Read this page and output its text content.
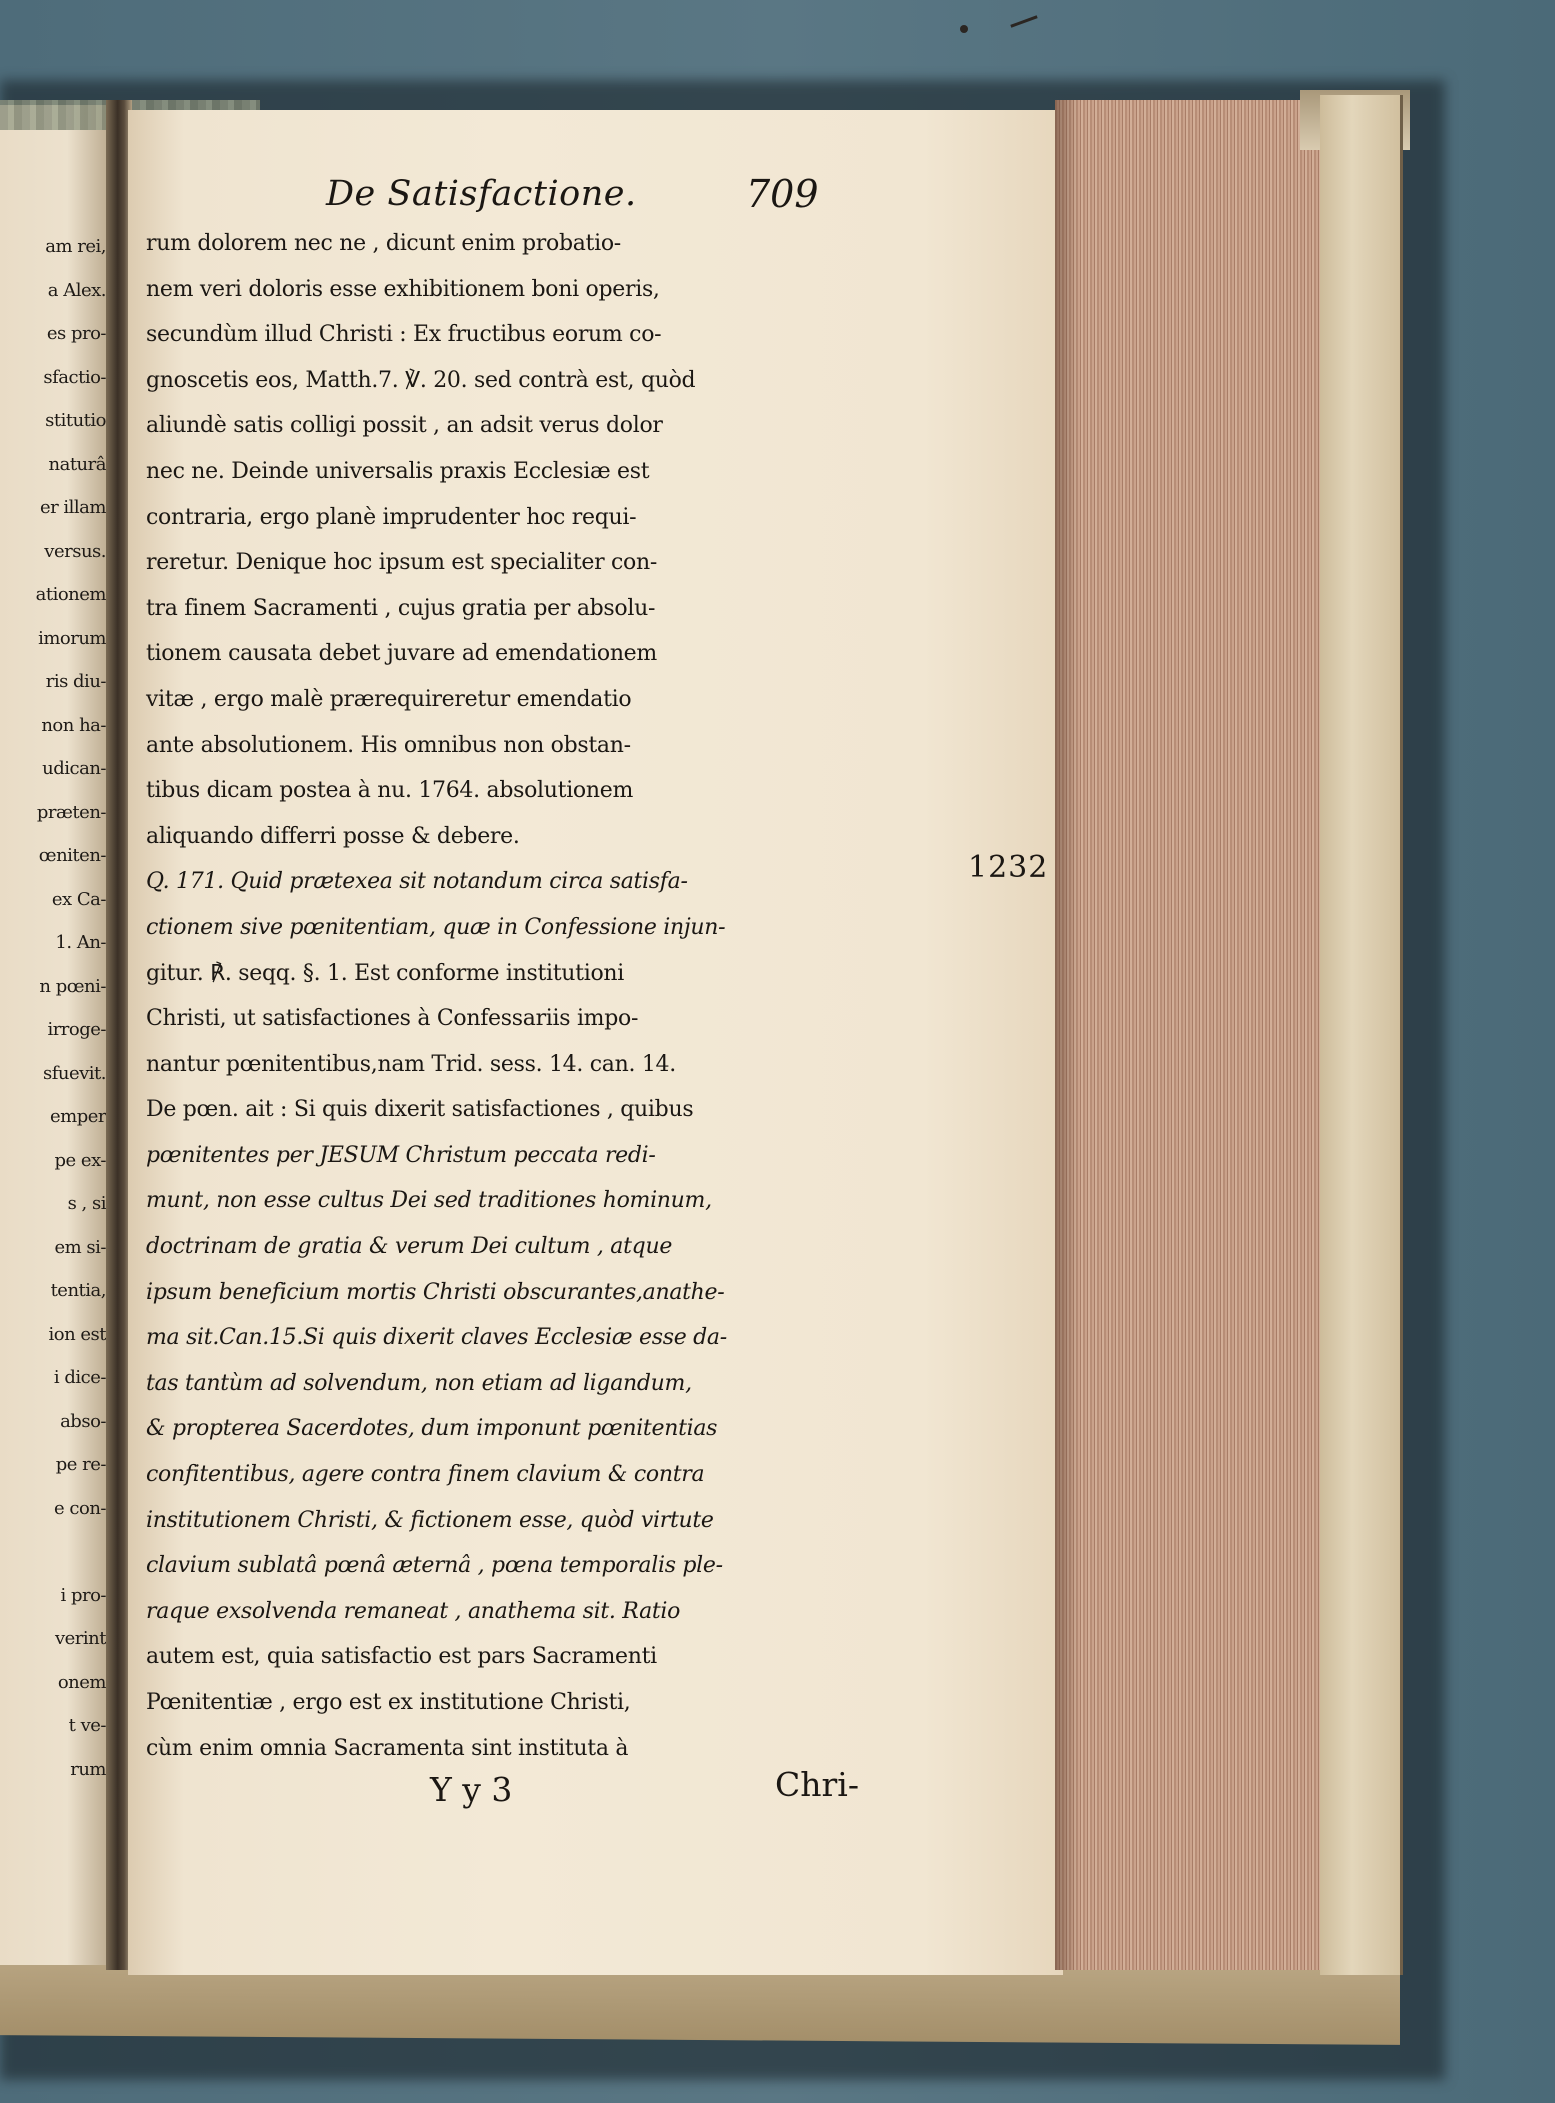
am rei,
a Alex.
es pro-
sfactio-
stitutio
naturâ
er illam
versus.
ationem
imorum
ris diu-
non ha-
udican-
præten-
œniten-
ex Ca-
1. An-
n pœni-
irroge-
sfuevit.
emper
pe ex-
s , si
em si-
tentia,
ion est
i dice-
abso-
pe re-
e con-
i pro-
verint
onem
t ve-
rum
De Satisfactione.	709
rum dolorem nec ne , dicunt enim probatio-
nem veri doloris esse exhibitionem boni operis,
secundùm illud Christi : Ex fructibus eorum co-
gnoscetis eos, Matth.7. ℣. 20. sed contrà est, quòd
aliundè satis colligi possit , an adsit verus dolor
nec ne. Deinde universalis praxis Ecclesiæ est
contraria, ergo planè imprudenter hoc requi-
reretur. Denique hoc ipsum est specialiter con-
tra finem Sacramenti , cujus gratia per absolu-
tionem causata debet juvare ad emendationem
vitæ , ergo malè prærequireretur emendatio
ante absolutionem. His omnibus non obstan-
tibus dicam postea à nu. 1764. absolutionem
aliquando differri posse & debere.
Q. 171. Quid prætexea sit notandum circa satisfa-
ctionem sive pœnitentiam, quæ in Confessione injun-
gitur. ℟. seqq. §. 1. Est conforme institutioni
Christi, ut satisfactiones à Confessariis impo-
nantur pœnitentibus,nam Trid. sess. 14. can. 14.
De pœn. ait : Si quis dixerit satisfactiones , quibus
pœnitentes per JESUM Christum peccata redi-
munt, non esse cultus Dei sed traditiones hominum,
doctrinam de gratia & verum Dei cultum , atque
ipsum beneficium mortis Christi obscurantes,anathe-
ma sit.Can.15.Si quis dixerit claves Ecclesiæ esse da-
tas tantùm ad solvendum, non etiam ad ligandum,
& propterea Sacerdotes, dum imponunt pœnitentias
confitentibus, agere contra finem clavium & contra
institutionem Christi, & fictionem esse, quòd virtute
clavium sublatâ pœnâ æternâ , pœna temporalis ple-
raque exsolvenda remaneat , anathema sit. Ratio
autem est, quia satisfactio est pars Sacramenti
Pœnitentiæ , ergo est ex institutione Christi,
cùm enim omnia Sacramenta sint instituta à
1232
Y y 3	Chri-
